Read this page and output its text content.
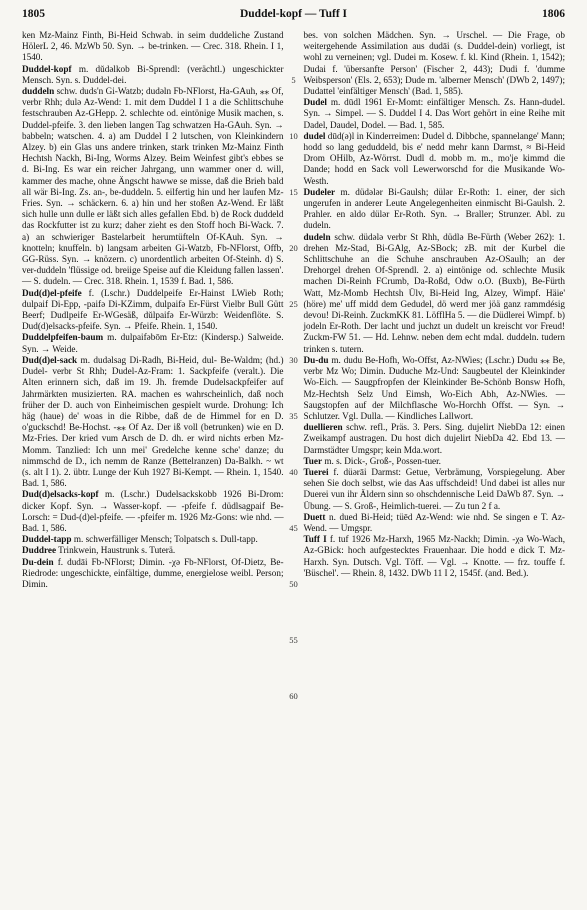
1805	Duddel-kopf — Tuff I	1806

ken Mz-Mainz Finth, Bi-Heid Schwab. in seim duddeliche Zustand HölerL 2, 46. MzWb 50. Syn. → be-trinken. — Crec. 318. Rhein. I 1, 1540.

Duddel-kopf m. dŭdəlkob Bi-Sprendl: (verächtl.) ungeschickter Mensch. Syn. s. Duddel-dei.

duddeln schw. duds'n Gi-Watzb; dudəln Fb-NFlorst, Ha-GAuh, ⁎⁎ Of, verbr Rhh; dulə Az-Wend: 1. mit dem Duddel I 1 a die Schlittschuhe festschrauben Az-GHepp. 2. schlechte od. eintönige Musik machen, s. Duddel-pfeife. 3. den lieben langen Tag schwatzen Ha-GAuh. Syn. → babbeln; watschen. 4. a) am Duddel I 2 lutschen, von Kleinkindern Alzey. b) ein Glas uns andere trinken, stark trinken Mz-Mainz Finth Hechtsh Nackh, Bi-Ing, Worms Alzey. Beim Weinfest gibt's ebbes se d. Bi-Ing. Es war ein reicher Jahrgang, unn wammer oner d. will, kammer des mache, ohne Ängscht hawwe se misse, daß die Brieh bald all wär Bi-Ing. Zs. an-, be-duddeln. 5. eilfertig hin und her laufen Mz-Fries. Syn. → schäckern. 6. a) hin und her stoßen Az-Wend. Er läßt sich hulle unn dulle er läßt sich alles gefallen Ebd. b) de Rock duddeld das Rockfutter ist zu kurz; daher zieht es den Stoff hoch Bi-Wack. 7. a) an schwieriger Bastelarbeit herumtüfteln Of-KAuh. Syn. → knotteln; knuffeln. b) langsam arbeiten Gi-Watzb, Fb-NFlorst, Offb, GG-Rüss. Syn. → knözern. c) unordentlich arbeiten Of-Steinh. d) S. ver-duddeln 'flüssige od. breiige Speise auf die Kleidung fallen lassen'. — S. dudeln. — Crec. 318. Rhein. 1, 1539 f. Bad. 1, 586.

Dud(d)el-pfeife f. (Lschr.) Duddelpeife Er-Hainst LWieb Roth; dulpaif Di-Epp, -paifə Di-KZimm, dulpaifə Er-Fürst Vielbr Bull Gütt Beerf; Dudlpeife Er-WGesäß, dŭlpaifə Er-Würzb: Weidenflöte. S. Dud(d)elsacks-pfeife. Syn. → Pfeife. Rhein. 1, 1540.

Duddelpfeifen-baum m. dulpaifəbōm Er-Etz: (Kindersp.) Salweide. Syn. → Weide.

Dud(d)el-sack m. dudəlsag Di-Radh, Bi-Heid, dul- Be-Waldm; (hd.) Dudel- verbr St Rhh; Dudel-Az-Fram: 1. Sackpfeife (veralt.). Die Alten erinnern sich, daß im 19. Jh. fremde Dudelsackpfeifer auf Jahrmärkten musizierten. RA. machen es wahrscheinlich, daß noch früher der D. auch von Einheimischen gespielt wurde. Drohung: Ich häg (haue) de' woas in die Ribbe, daß de de Himmel for en D. o'guckschd! Be-Hochst. -⁎⁎ Of Az. Der iß voll (betrunken) wie en D. Mz-Fries. Der kried vum Arsch de D. dh. er wird nichts erben Mz-Momm. Tanzlied: Ich unn mei' Gredelche kenne sche' danze; du nimmschd de D., ich nemm de Ranze (Bettelranzen) Da-Balkh. ~ wt (s. alt I 1). 2. übtr. Lunge der Kuh 1927 Bi-Kempt. — Rhein. 1, 1540. Bad. 1, 586.

Dud(d)elsacks-kopf m. (Lschr.) Dudelsackskobb 1926 Bi-Drom: dicker Kopf. Syn. → Wasser-kopf. — -pfeife f. düdlsagpaif Be-Lorsch: = Dud-(d)el-pfeife. — -pfeifer m. 1926 Mz-Gons: wie nhd. — Bad. 1, 586.

Duddel-tapp m. schwerfälliger Mensch; Tolpatsch s. Dull-tapp.

Duddree Trinkwein, Haustrunk s. Tuterä.

Du-dein f. dudāi Fb-NFlorst; Dimin. -χə Fb-NFlorst, Of-Dietz, Be-Riedrode: ungeschickte, einfältige, dumme, energielose weibl. Person; Dimin.

5
10
15
20
25
30
35
40
45
50
55
60

bes. von solchen Mädchen. Syn. → Urschel. — Die Frage, ob weitergehende Assimilation aus dudāi (s. Duddel-dein) vorliegt, ist wohl zu verneinen; vgl. Dudei m. Kosew. f. kl. Kind (Rhein. 1, 1542); Dudai f. 'übersanfte Person' (Fischer 2, 443); Dudi f. 'dumme Weibsperson' (Els. 2, 653); Dude m. 'alberner Mensch' (DWb 2, 1497); Dudattel 'einfältiger Mensch' (Bad. 1, 585).

Dudel m. dūdl 1961 Er-Momt: einfältiger Mensch. Zs. Hann-dudel. Syn. → Simpel. — S. Duddel I 4. Das Wort gehört in eine Reihe mit Dadel, Daudel, Dodel. — Bad. 1, 585.

dudel dūd(ə)l in Kinderreimen: Dudel d. Dibbche, spannelange' Mann; hodd so lang geduddeld, bis e' nedd mehr kann Darmst, ≈ Bi-Heid Drom OHilb, Az-Wörrst. Dudl d. mobb m. m., mo'je kimmd die Dande; hodd en Sack voll Lewerworschd for die Musikande Wo-Westh.

Dudeler m. düdələr Bi-Gaulsh; dülər Er-Roth: 1. einer, der sich ungerufen in anderer Leute Angelegenheiten einmischt Bi-Gaulsh. 2. Prahler. en aldo dülər Er-Roth. Syn. → Braller; Strunzer. Abl. zu dudeln.

dudeln schw. düdələ verbr St Rhh, düdlə Be-Fürth (Weber 262): 1. drehen Mz-Stad, Bi-GAlg, Az-SBock; zB. mit der Kurbel die Schlittschuhe an die Schuhe anschrauben Az-OSaulh; an der Drehorgel drehen Of-Sprendl. 2. a) eintönige od. schlechte Musik machen Di-Reinh FCrumb, Da-Roßd, Odw o.O. (Buxb), Be-Fürth Watt, Mz-Momb Hechtsh Ülv, Bi-Heid Ing, Alzey, Wimpf. Häie' (höre) me' uff midd dem Gedudel, dö werd mer jöä ganz rammdésig devou! Di-Reinh. ZuckmKK 81. LöfflHa 5. — die Düdlerei Wimpf. b) jodeln Er-Roth. Der lacht und juchzt un dudelt un kreischt vor Freud! Zuckm-FW 51. — Hd. Lehnw. neben dem echt mdal. duddeln. tudern trinken s. tutern.

Du-du m. dudu Be-Hofh, Wo-Offst, Az-NWies; (Lschr.) Dudu ⁎⁎ Be, verbr Mz Wo; Dimin. Duduche Mz-Und: Saugbeutel der Kleinkinder Wo-Eich. — Saugpfropfen der Kleinkinder Be-Schönb Bonsw Hofh, Mz-Hechtsh Selz Und Eimsh, Wo-Eich Abh, Az-NWies. — Saugstopfen auf der Milchflasche Wo-Horchh Offst. — Syn. → Schlutzer. Vgl. Dulla. — Kindliches Lallwort.

duellieren schw. refl., Präs. 3. Pers. Sing. dujelirt NiebDa 12: einen Zweikampf austragen. Du host dich dujelirt NiebDa 42. Ebd 13. — Darmstädter Umgspr; kein Mda.wort.

Tuer m. s. Dick-, Groß-, Possen-tuer.

Tuerei f. düərāi Darmst: Getue, Verbrämung, Vorspiegelung. Aber sehen Sie doch selbst, wie das Aas uffschdeid! Und dabei ist alles nur Duerei vun ihr Äldern sinn so ohschdennische Leid DaWb 87. Syn. → Übung. — S. Groß-, Heimlich-tuerei. — Zu tun 2 f a.

Duett n. dued Bi-Heid; tüēd Az-Wend: wie nhd. Se singen e T. Az-Wend. — Umgspr.

Tuff I f. tuf 1926 Mz-Harxh, 1965 Mz-Nackh; Dimin. -χə Wo-Wach, Az-GBick: hoch aufgestecktes Frauenhaar. Die hodd e dick T. Mz-Harxh. Syn. Dutsch. Vgl. Töff. — Vgl. → Knotte. — frz. touffe f. 'Büschel'. — Rhein. 8, 1432. DWb 11 I 2, 1545f. (and. Bed.).
